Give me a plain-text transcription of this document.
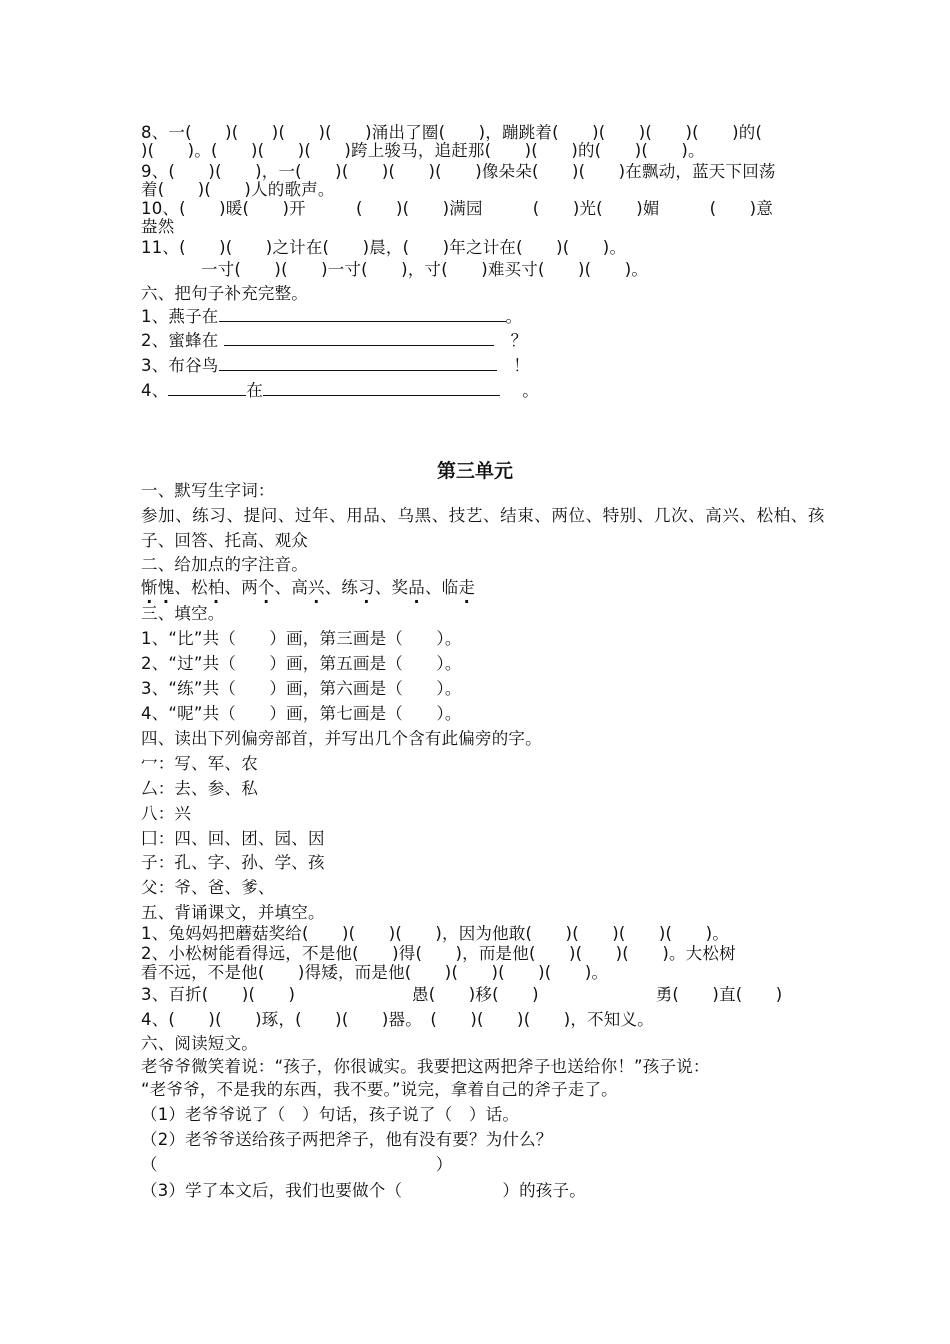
8、一(　　)(　　)(　　)(　　)涌出了圈(　　)，蹦跳着(　　)(　　)(　　)(　　)的(
)(　　)。(　　)(　　)(　　)跨上骏马，追赶那(　　)(　　)的(　　)(　　)。
9、(　　)(　　)，一(　　)(　　)(　　)(　　)像朵朵(　　)(　　)在飘动，蓝天下回荡
着(　　)(　　)人的歌声。
10、(　　)暖(　　)开　　　(　　)(　　)满园　　　(　　)光(　　)媚　　　(　　)意
盎然
11、(　　)(　　)之计在(　　)晨，(　　)年之计在(　　)(　　)。
一寸(　　)(　　)一寸(　　)，寸(　　)难买寸(　　)(　　)。
六、把句子补充完整。
1、燕子在	。
2、蜜蜂在 　	？
3、布谷鸟　	！
4、	在　	。
第三单元
一、默写生字词：
参加、练习、提问、过年、用品、乌黑、技艺、结束、两位、特别、几次、高兴、松柏、孩
子、回答、托高、观众
二、给加点的字注音。
惭愧、松柏、两个、高兴、练习、奖品、临走
三、填空。
1、“比”共（　　）画，第三画是（　　）。
2、“过”共（　　）画，第五画是（　　）。
3、“练”共（　　）画，第六画是（　　）。
4、“呢”共（　　）画，第七画是（　　）。
四、读出下列偏旁部首，并写出几个含有此偏旁的字。
冖：写、军、农
厶：去、参、私
八：兴
囗：四、回、团、园、因
子：孔、字、孙、学、孩
父：爷、爸、爹、
五、背诵课文，并填空。
1、兔妈妈把蘑菇奖给(　　)(　　)(　　)，因为他敢(　　)(　　)(　　)(　　)。
2、小松树能看得远，不是他(　　)得(　　)，而是他(　　)(　　)(　　)。大松树
看不远，不是他(　　)得矮，而是他(　　)(　　)(　　)(　　)。
3、百折(　　)(　　)　　　　　　　愚(　　)移(　　)　　　　　　　勇(　　)直(　　)
4、(　　)(　　)琢，(　　)(　　)器。　(　　)(　　)(　　)，不知义。
六、阅读短文。
老爷爷微笑着说：“孩子，你很诚实。我要把这两把斧子也送给你！”孩子说：
“老爷爷，不是我的东西，我不要。”说完，拿着自己的斧子走了。
（1）老爷爷说了（　）句话，孩子说了（　）话。
（2）老爷爷送给孩子两把斧子，他有没有要？为什么？
（	）
（3）学了本文后，我们也要做个（　　　　　　）的孩子。
